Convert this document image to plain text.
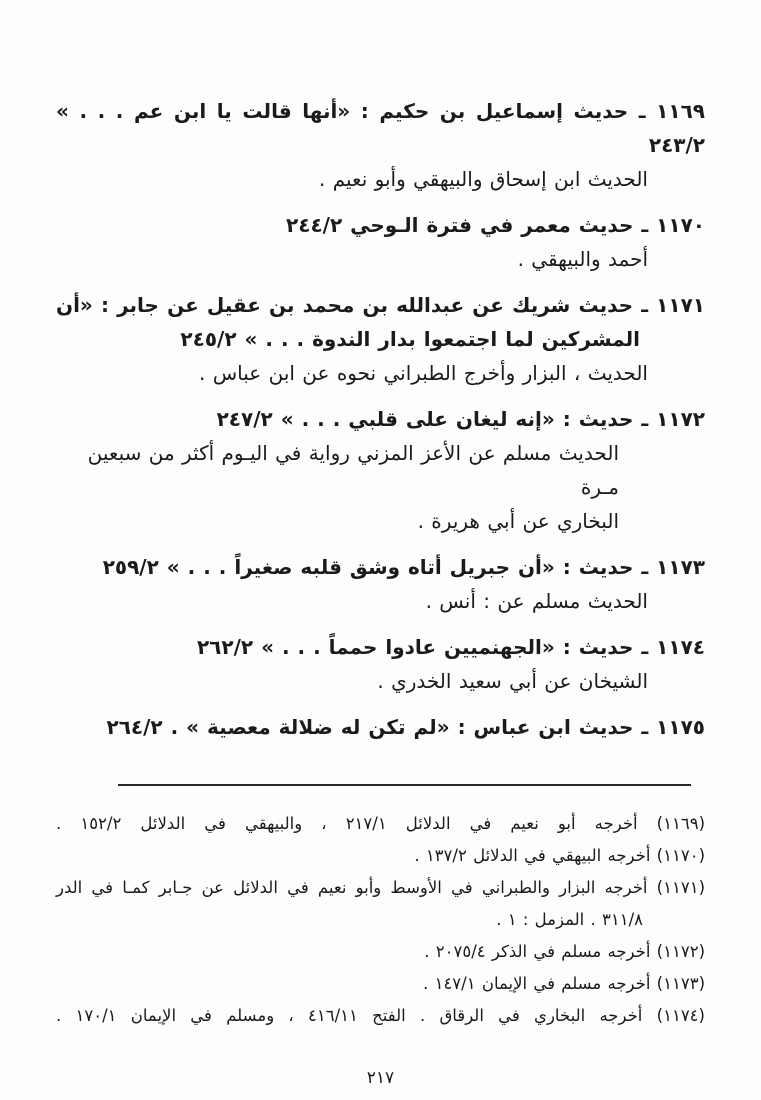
١١٦٩ ـ حديث إسماعيل بن حكيم : «أنها قالت يا ابن عم . . . » ٢٤٣/٢

الحديث ابن إسحاق والبيهقي وأبو نعيم .

١١٧٠ ـ حديث معمر في فترة الـوحي ٢٤٤/٢

أحمد والبيهقي .

١١٧١ ـ حديث شريك عن عبدالله بن محمد بن عقيل عن جابر : «أن

المشركين لما اجتمعوا بدار الندوة . . . » ٢٤٥/٢

الحديث ، البزار وأخرج الطبراني نحوه عن ابن عباس .

١١٧٢ ـ حديث : «إنه ليغان على قلبي . . . » ٢٤٧/٢

الحديث مسلم عن الأعز المزني رواية في اليـوم أكثر من سبعين مـرة

البخاري عن أبي هريرة .

١١٧٣ ـ حديث : «أن جبريل أتاه وشق قلبه صغيراً . . . » ٢٥٩/٢

الحديث مسلم عن : أنس .

١١٧٤ ـ حديث : «الجهنميين عادوا حمماً . . . » ٢٦٢/٢

الشيخان عن أبي سعيد الخدري .

١١٧٥ ـ حديث ابن عباس : «لم تكن له ضلالة معصية » . ٢٦٤/٢

(١١٦٩) أخرجه أبو نعيم في الدلائل ٢١٧/١ ، والبيهقي في الدلائل ١٥٢/٢ .

(١١٧٠) أخرجه البيهقي في الدلائل ١٣٧/٢ .

(١١٧١) أخرجه البزار والطبراني في الأوسط وأبو نعيم في الدلائل عن جـابر كمـا في الدر

٣١١/٨ . المزمل : ١ .

(١١٧٢) أخرجه مسلم في الذكر ٢٠٧٥/٤ .

(١١٧٣) أخرجه مسلم في الإيمان ١٤٧/١ .

(١١٧٤) أخرجه البخاري في الرقاق . الفتح ٤١٦/١١ ، ومسلم في الإيمان ١٧٠/١ .

٢١٧
